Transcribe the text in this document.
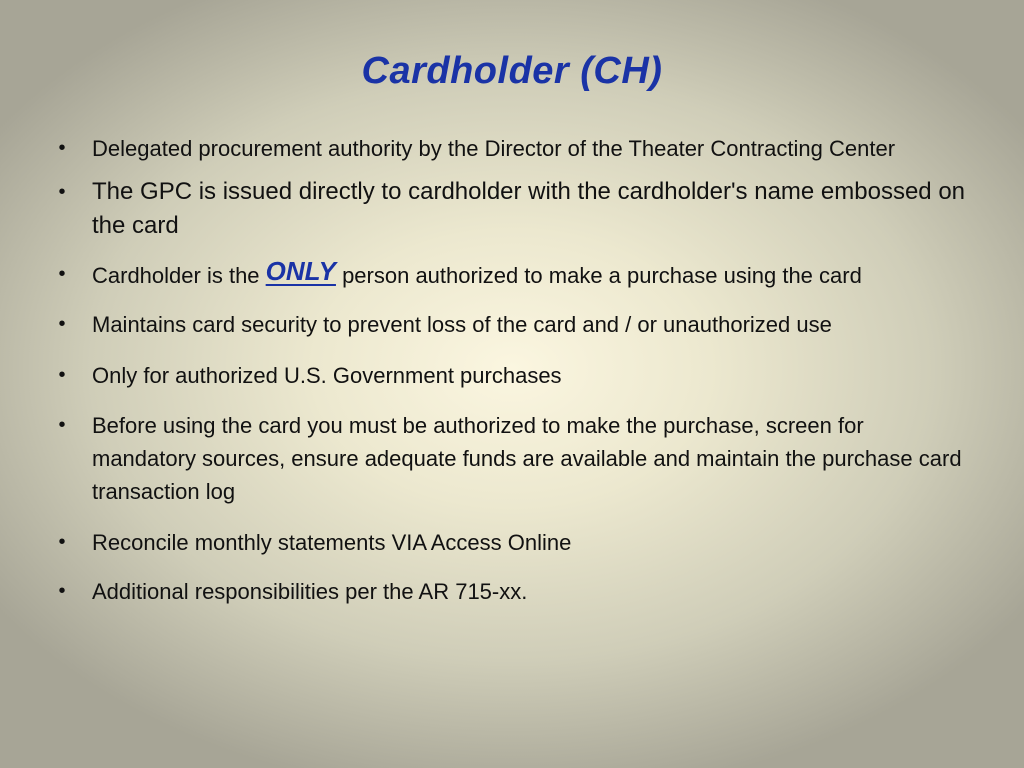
Cardholder (CH)
• Delegated procurement authority by the Director of the Theater Contracting Center
• The GPC is issued directly to cardholder with the cardholder's name embossed on the card
• Cardholder is the ONLY person authorized to make a purchase using the card
• Maintains card security to prevent loss of the card and / or unauthorized use
• Only for authorized U.S. Government purchases
• Before using the card you must be authorized to make the purchase, screen for mandatory sources, ensure adequate funds are available and maintain the purchase card transaction log
• Reconcile monthly statements VIA Access Online
• Additional responsibilities per the AR 715-xx.
